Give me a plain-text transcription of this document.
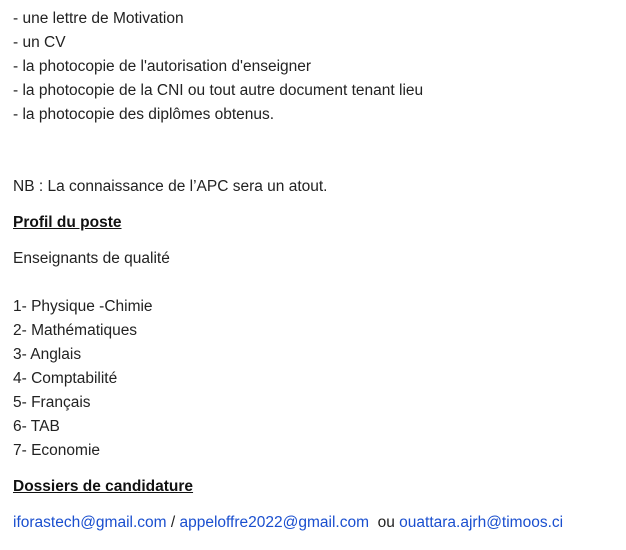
- une lettre de Motivation
- un CV
- la photocopie de l'autorisation d'enseigner
- la photocopie de la CNI ou tout autre document tenant lieu
- la photocopie des diplômes obtenus.
NB : La connaissance de l’APC sera un atout.
Profil du poste
Enseignants de qualité
1- Physique -Chimie
2- Mathématiques
3- Anglais
4- Comptabilité
5- Français
6- TAB
7- Economie
Dossiers de candidature
iforastech@gmail.com / appeloffre2022@gmail.com  ou ouattara.ajrh@timoos.ci
